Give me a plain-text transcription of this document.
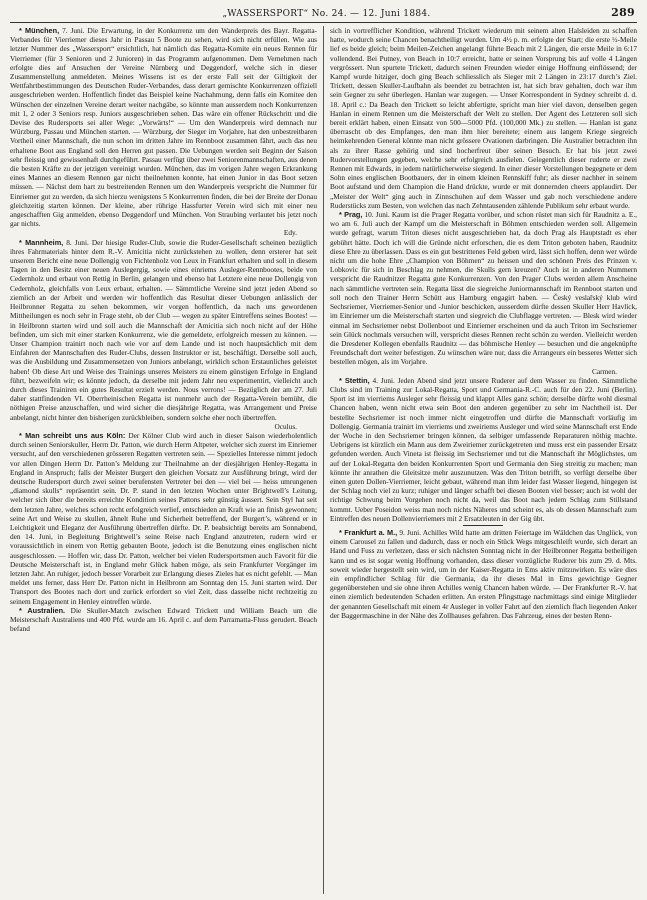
„WASSERSPORT“ No. 24. — 12. Juni 1884.	289

* München, 7. Juni. Die Erwartung, in der Konkurrenz um den Wanderpreis des Bayr. Regatta-Verbandes für Vierriemer dieses Jahr in Passau 5 Boote zu sehen, wird sich nicht erfüllen. Wie aus letzter Nummer des „Wassersport“ ersichtlich, hat nämlich das Regatta-Komite ein neues Rennen für Vierriemer (für 3 Senioren und 2 Junioren) in das Programm aufgenommen. Dem Vernehmen nach erfolgte dies auf Ansuchen der Vereine Nürnberg und Deggendorf, welche sich in dieser Zusammenstellung anmeldeten. Meines Wissens ist es der erste Fall seit der Giltigkeit der Wettfahrtbestimmungen des Deutschen Ruder-Verbandes, dass derart gemischte Konkurrenzen offiziell ausgeschrieben werden. Hoffentlich findet das Beispiel keine Nachahmung, denn falls ein Komitee den Wünschen der einzelnen Vereine derart weiter nachgäbe, so könnte man ausserdem noch Konkurrenzen mit 1, 2 oder 3 Seniors resp. Juniors ausgeschrieben sehen. Das wäre ein offener Rückschritt und die Devise des Rudersports sei aller Wege: „Vorwärts!“ — Um den Wanderpreis wird demnach nur Würzburg, Passau und München starten. — Würzburg, der Sieger im Vorjahre, hat den unbestreitbaren Vortheil einer Mannschaft, die nun schon im dritten Jahre im Rennboot zusammen fährt, auch das neu erhaltene Boot aus England soll den Herren gut passen. Die Uebungen werden seit Beginn der Saison sehr fleissig und gewissenhaft durchgeführt. Passau verfügt über zwei Seniorenmannschaften, aus denen die besten Kräfte zu der jetzigen vereinigt wurden. München, das im vorigen Jahre wegen Erkrankung eines Mannes an diesem Rennen gar nicht theilnehmen konnte, hat einen Junior in das Boot setzen müssen. — Nächst dem hart zu bestreitenden Rennen um den Wanderpreis verspricht die Nummer für Einriemer gut zu werden, da sich hierzu wenigstens 5 Konkurrenten finden, die bei der Breite der Donau gleichzeitig starten können. Der kleine, aber rührige Hassfurter Verein wird sich mit einer neu angeschafften Gig anmelden, ebenso Deggendorf und München. Von Straubing verlautet bis jetzt noch gar nichts.

Edy.

* Mannheim, 8. Juni. Der hiesige Ruder-Club, sowie die Ruder-Gesellschaft scheinen bezüglich ihres Fahrmaterials hinter dem R.-V. Amicitia nicht zurückstehen zu wollen, denn ersterer hat seit unserem Bericht eine neue Dollengig von Fichtenholz von Leux in Frankfurt erhalten und soll in diesem Tagen in den Besitz einer neuen Auslegergig, sowie eines einriems Ausleger-Rennbootes, beide von Cedernholz und erbaut von Rettig in Berlin, gelangen und ebenso hat Letztere eine neue Dollengig von Cedernholz, gleichfalls von Leux erbaut, erhalten. — Sämmtliche Vereine sind jetzt jeden Abend so ziemlich an der Arbeit und werden wir hoffentlich das Resultat dieser Uebungen anlässlich der Heilbronner Regatta zu sehen bekommen, wir vorgen hoffentlich, da nach uns gewordenen Mittheilungen es noch sehr in Frage steht, ob der Club — wegen zu später Eintreffens seines Bootes! — in Heilbronn starten wird und soll auch die Mannschaft der Amicitia sich noch nicht auf der Höhe befinden, um sich mit einer starken Konkurrenz, wie die gemeldete, erfolgreich messen zu können. — Unser Champion trainirt noch nach wie vor auf dem Lande und ist noch hauptsächlich mit dem Einfahren der Mannschaften des Ruder-Clubs, dessen Instruktor er ist, beschäftigt. Derselbe soll auch, was die Ausbildung und Zusammensetzen von Juniors anbelangt, wirklich schon Erstaunliches geleistet haben! Ob diese Art und Weise des Trainings unseres Meisters zu einem günstigen Erfolge in England führt, bezweifeln wir; es könnte jedoch, da derselbe mit jedem Jahr neu experimentirt, vielleicht auch durch dieses Trainiren ein gutes Resultat erzielt werden. Nous verrons! — Bezüglich der am 27. Juli daher stattfindenden VI. Oberrheinischen Regatta ist nunmehr auch der Regatta-Verein bemüht, die nöthigen Preise anzuschaffen, und wird sicher die diesjährige Regatta, was Arrangement und Preise anbelangt, nicht hinter den bisherigen zurückbleiben, sondern solche eher noch übertreffen.

Oculus.

* Man schreibt uns aus Köln: Der Kölner Club wird auch in dieser Saison wiederholentlich durch seinen Seniorskuller, Herrn Dr. Patton, wie durch Herrn Altpeter, welcher sich zuerst im Einriemer versucht, auf den verschiedenen grösseren Regatten vertreten sein. — Spezielles Interesse nimmt jedoch vor allen Dingen Herrn Dr. Patton’s Meldung zur Theilnahme an der diesjährigen Henley-Regatta in England in Anspruch; falls der Meister Burgert den gleichen Vorsatz zur Ausführung bringt, wird der deutsche Rudersport durch zwei seiner berufensten Vertreter bei den — viel bei — heiss umrungenen „diamond skulls“ repräsentirt sein. Dr. P. stand in den letzten Wochen unter Brightwell’s Leitung, welcher sich über die bereits erreichte Kondition seines Pattons sehr günstig äussert. Sein Styl hat seit dem letzten Jahre, welches schon recht erfolgreich verlief, entschieden an Kraft wie an finish gewonnen; seine Art und Weise zu skullen, ähnelt Ruhe und Sicherheit betreffend, der Burgert’s, während er in Leichtigkeit und Eleganz der Ausführung übertreffen dürfte. Dr. P. beabsichtigt bereits am Sonnabend, den 14. Juni, in Begleitung Brightwell’s seine Reise nach England anzutreten, rudern wird er voraussichtlich in einem von Rettig gebauten Boote, jedoch ist die Benutzung eines englischen nicht ausgeschlossen. — Hoffen wir, dass Dr. Patton, welcher bei vielen Rudersportsmen auch Favorit für die Deutsche Meisterschaft ist, in England mehr Glück haben möge, als sein Frankfurter Vorgänger im letzten Jahr. An ruhiger, jedoch besser Vorarbeit zur Erlangung dieses Zieles hat es nicht gefehlt. — Man meldet uns ferner, dass Herr Dr. Patton nicht in Heilbronn am Sonntag den 15. Juni starten wird. Der Transport des Bootes nach dort und zurück erfordert so viel Zeit, dass dasselbe nicht rechtzeitig zu seinem Engagement in Henley eintreffen würde.

* Australien. Die Skuller-Match zwischen Edward Trickett und William Beach um die Meisterschaft Australiens und 400 Pfd. wurde am 16. April c. auf dem Parramatta-Fluss gerudert. Beach befand

sich in vortrefflicher Kondition, während Trickett wiederum mit seinem alten Halsleiden zu schaffen hatte, wodurch seine Chancen benachtheiligt wurden. Um 4½ p. m. erfolgte der Start; die erste ½-Meile lief es beide gleich; beim Meilen-Zeichen angelangt führte Beach mit 2 Längen, die erste Meile in 6:17 vollendend. Bei Putney, von Beach in 10:7 erreicht, hatte er seinen Vorsprung bis auf volle 4 Längen vergrössert. Nun spurtete Trickett, dadurch seinen Freunden wieder einige Hoffnung einflössend; der Kampf wurde hitziger, doch ging Beach schliesslich als Sieger mit 2 Längen in 23:17 durch’s Ziel. Trickett, dessen Skuller-Laufbahn als beendet zu betrachten ist, hat sich brav gehalten, doch war ihm sein Gegner zu sehr überlegen. Hanlan war zugegen. — Unser Korrespondent in Sydney schreibt d. d. 18. April c.: Da Beach den Trickett so leicht abfertigte, spricht man hier viel davon, denselben gegen Hanlan in einem Rennen um die Meisterschaft der Welt zu stellen. Der Agent des Letzteren soll sich bereit erklärt haben, einen Einsatz von 500—5000 Pfd. (100,000 Mk.) zu stellen. — Hanlan ist ganz überrascht ob des Empfanges, den man ihm hier bereitete; einem aus langem Kriege siegreich heimkehrenden General könnte man nicht grössere Ovationen darbringen. Die Australier betrachten ihn als zu ihrer Rasse gehörig und sind hocherfreut über seinen Besuch. Er hat bis jetzt zwei Rudervorstellungen gegeben, welche sehr erfolgreich ausfielen. Gelegentlich dieser ruderte er zwei Rennen mit Edwards, in jedem natürlicherweise siegend. In einer dieser Vorstellungen begegnete er dem Sohn eines englischen Bootbauers, der in einem kleinen Rennskiff fuhr; als dieser nachher in seinem Boot aufstand und dem Champion die Hand drückte, wurde er mit donnernden cheers applaudirt. Der „Meister der Welt“ ging auch in Zinnschuhen auf dem Wasser und gab noch verschiedene andere Ruderstücks zum Besten, von welchen das nach Zehntausenden zählende Publikum sehr erbaut wurde.

* Prag, 10. Juni. Kaum ist die Prager Regatta vorüber, und schon rüstet man sich für Raudnitz a. E., wo am 6. Juli auch der Kampf um die Meisterschaft in Böhmen entschieden werden soll. Allgemein wurde gefragt, warum Triton dieses nicht ausgeschrieben hat, da doch Prag als Hauptstadt es eher gebührt hätte. Doch ich will die Gründe nicht erforschen, die es dem Triton geboten haben, Raudnitz diese Ehre zu überlassen. Dass es ein gut bestrittenes Feld geben wird, lässt sich hoffen, denn wer würde nicht um die hohe Ehre „Champion von Böhmen“ zu heissen und den schönen Preis des Prinzen v. Lobkovic für sich in Beschlag zu nehmen, die Skulls gern kreuzen? Auch ist in anderen Nummern verspricht die Raudnitzer Regatta gute Konkurrenzen. Von den Prager Clubs werden allem Anscheine nach sämmtliche vertreten sein. Regatta lässt die siegreiche Juniormannschaft im Rennboot starten und soll noch den Trainer Herrn Schütt aus Hamburg engagirt haben. — Český veslařský klub wird Sechsriemer, Vierriemer-Senior und -Junior beschicken, ausserdem dürfte dessen Skuller Herr Havlíck, im Einriemer um die Meisterschaft starten und siegreich die Clubflagge vertreten. — Blesk wird wieder einmal im Sechsriemer nebst Dollenboot und Einriemer erscheinen und da auch Triton im Sechsriemer sein Glück nochmals versuchen will, verspricht dieses Rennen recht schön zu werden. Vielleicht werden die Dresdener Kollegen ebenfalls Raudnitz — das böhmische Henley — besuchen und die angeknüpfte Freundschaft dort weiter befestigen. Zu wünschen wäre nur, dass die Arrangeurs ein besseres Wetter sich bestellen mögen, als im Vorjahre.

Carmen.

* Stettin, 4. Juni. Jeden Abend sind jetzt unsere Ruderer auf dem Wasser zu finden. Sämmtliche Clubs sind im Training zur Lokal-Regatta, Sport und Germania-R.-C. auch für den 22. Juni (Berlin). Sport ist im vierriems Ausleger sehr fleissig und klappt Alles ganz schön; derselbe dürfte wohl diesmal Chancen haben, wenn nicht etwa sein Boot den anderen gegenüber zu sehr im Nachtheil ist. Der bestellte Sechsriemer ist noch immer nicht eingetroffen und dürfte die Mannschaft vorläufig im Dollengig. Germania trainirt im vierriems und zweiriems Ausleger und wird seine Mannschaft erst Ende der Woche in den Sechsriemer bringen können, da selbiger umfassende Reparaturen nöthig machte. Uebrigens ist kürzlich ein Mann aus dem Zweiriemer zurückgetreten und muss erst ein passender Ersatz gefunden werden. Auch Vineta ist fleissig im Sechsriemer und tut die Mannschaft ihr Möglichstes, um auf der Lokal-Regatta den beiden Konkurrenten Sport und Germania den Sieg streitig zu machen; man könnte ihr anrathen die Gleitsitze mehr auszunutzen. Was den Triton betrifft, so verfügt derselbe über einen guten Dollen-Vierriemer, leicht gebaut, während man ihm leider fast Wasser liegend, hingegen ist der Schlag noch viel zu kurz; ruhiger und länger schafft bei diesen Booten viel besser; auch ist wohl der richtige Schwung beim Vorgehen noch nicht da, weil das Boot nach jedem Schlag zum Stillstand kommt. Ueber Poseidon weiss man noch nichts Näheres und scheint es, als ob dessen Mannschaft zum Eintreffen des neuen Dollenvierriemers mit 2 Ersatzleuten in der Gig übt.

* Frankfurt a. M., 9. Juni. Achilles Wild hatte am dritten Feiertage im Wäldchen das Unglück, von einem Carousel zu fallen und dadurch, dass er noch ein Stück Wegs mitgeschleift wurde, sich derart an Hand und Fuss zu verletzen, dass er sich nächsten Sonntag nicht in der Heilbronner Regatta betheiligen kann und es ist sogar wenig Hoffnung vorhanden, dass dieser vorzügliche Ruderer bis zum 29. d. Mts. soweit wieder hergestellt sein wird, um in der Kaiser-Regatta in Ems aktiv mitzuwirken. Es wäre dies ein empfindlicher Schlag für die Germania, da ihr dieses Mal in Ems gewichtige Gegner gegenüberstehen und sie ohne ihren Achilles wenig Chancen haben würde. — Der Frankfurter R.-V. hat einen ziemlich bedeutenden Schaden erlitten. An ersten Pfingsttage nachmittags sind einige Mitglieder der genannten Gesellschaft mit einem 4r Ausleger in voller Fahrt auf den ziemlich flach liegenden Anker der Baggermaschine in der Nähe des Zollhauses gefahren. Das Fahrzeug, eines der besten Renn-
